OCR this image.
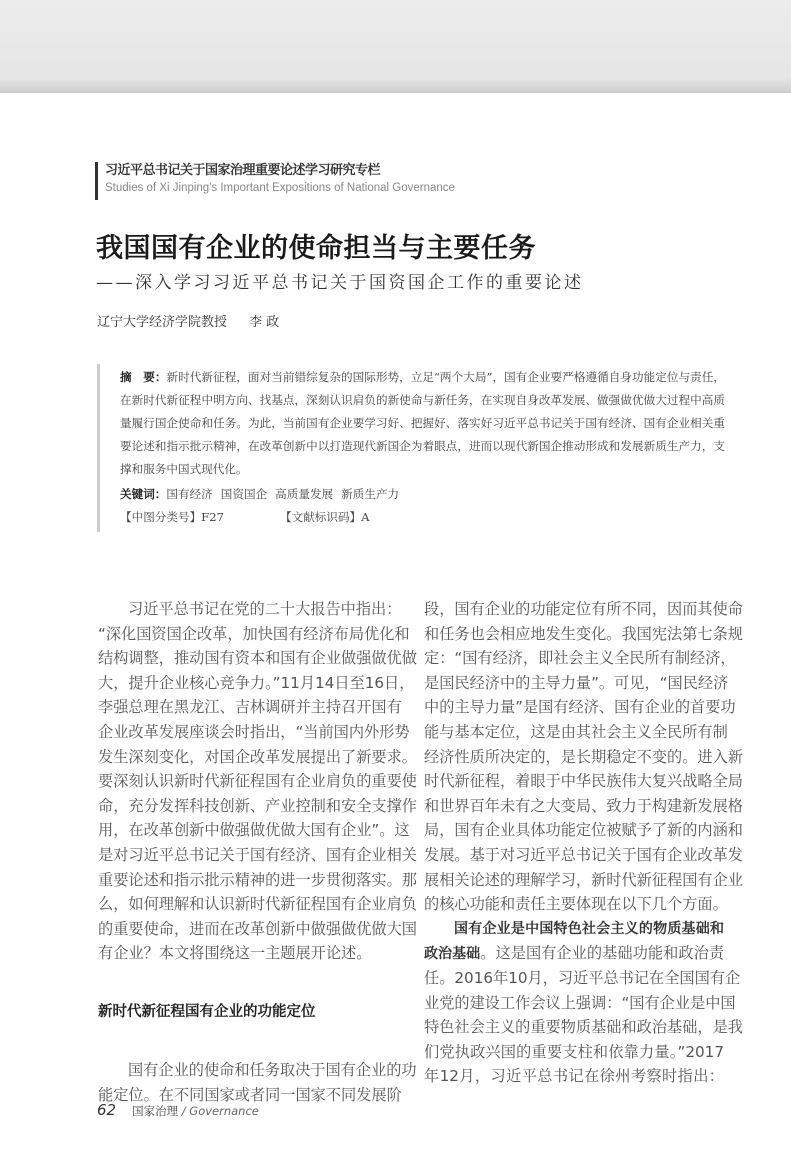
习近平总书记关于国家治理重要论述学习研究专栏
Studies of Xi Jinping's Important Expositions of National Governance
我国国有企业的使命担当与主要任务
——深入学习习近平总书记关于国资国企工作的重要论述
辽宁大学经济学院教授 李 政

摘　要：新时代新征程，面对当前错综复杂的国际形势，立足“两个大局”，国有企业要严格遵循自身功能定位与责任，在新时代新征程中明方向、找基点，深刻认识肩负的新使命与新任务，在实现自身改革发展、做强做优做大过程中高质量履行国企使命和任务。为此，当前国有企业要学习好、把握好、落实好习近平总书记关于国有经济、国有企业相关重要论述和指示批示精神，在改革创新中以打造现代新国企为着眼点，进而以现代新国企推动形成和发展新质生产力，支撑和服务中国式现代化。

关键词：国有经济 国资国企 高质量发展 新质生产力
【中图分类号】F27	【文献标识码】A
习近平总书记在党的二十大报告中指出：
“深化国资国企改革，加快国有经济布局优化和
结构调整，推动国有资本和国有企业做强做优做
大，提升企业核心竞争力。”11月14日至16日，
李强总理在黑龙江、吉林调研并主持召开国有
企业改革发展座谈会时指出，“当前国内外形势
发生深刻变化，对国企改革发展提出了新要求。
要深刻认识新时代新征程国有企业肩负的重要使
命，充分发挥科技创新、产业控制和安全支撑作
用，在改革创新中做强做优做大国有企业”。这
是对习近平总书记关于国有经济、国有企业相关
重要论述和指示批示精神的进一步贯彻落实。那
么，如何理解和认识新时代新征程国有企业肩负
的重要使命，进而在改革创新中做强做优做大国
有企业？本文将围绕这一主题展开论述。
新时代新征程国有企业的功能定位
国有企业的使命和任务取决于国有企业的功
能定位。在不同国家或者同一国家不同发展阶
段，国有企业的功能定位有所不同，因而其使命
和任务也会相应地发生变化。我国宪法第七条规
定：“国有经济，即社会主义全民所有制经济，
是国民经济中的主导力量”。可见，“国民经济
中的主导力量”是国有经济、国有企业的首要功
能与基本定位，这是由其社会主义全民所有制
经济性质所决定的，是长期稳定不变的。进入新
时代新征程，着眼于中华民族伟大复兴战略全局
和世界百年未有之大变局、致力于构建新发展格
局，国有企业具体功能定位被赋予了新的内涵和
发展。基于对习近平总书记关于国有企业改革发
展相关论述的理解学习，新时代新征程国有企业
的核心功能和责任主要体现在以下几个方面。
国有企业是中国特色社会主义的物质基础和
政治基础。这是国有企业的基础功能和政治责
任。2016年10月，习近平总书记在全国国有企
业党的建设工作会议上强调：“国有企业是中国
特色社会主义的重要物质基础和政治基础，是我
们党执政兴国的重要支柱和依靠力量。”2017
年12月，习近平总书记在徐州考察时指出：
62 国家治理 / Governance
